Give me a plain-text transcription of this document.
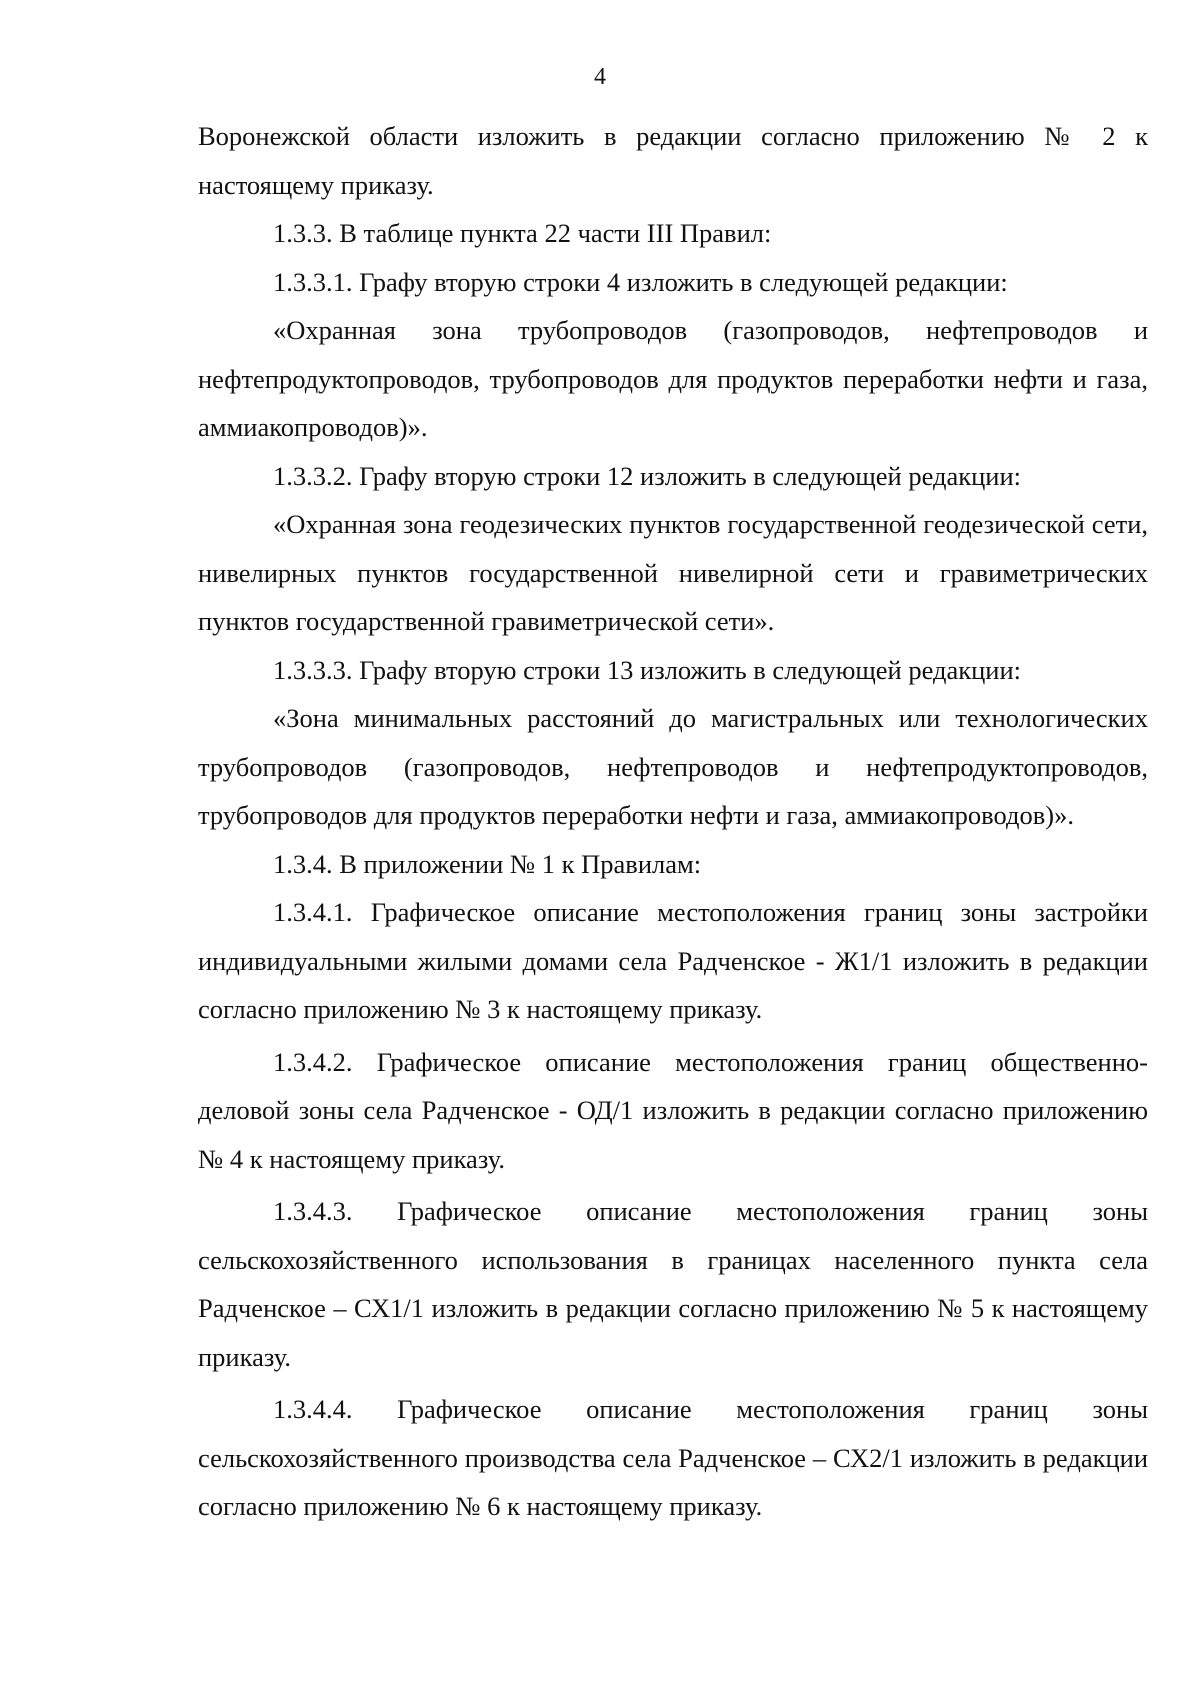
4

Воронежской области изложить в редакции согласно приложению № 2 к настоящему приказу.

1.3.3. В таблице пункта 22 части III Правил:

1.3.3.1. Графу вторую строки 4 изложить в следующей редакции:

«Охранная зона трубопроводов (газопроводов, нефтепроводов и нефтепродуктопроводов, трубопроводов для продуктов переработки нефти и газа, аммиакопроводов)».

1.3.3.2. Графу вторую строки 12 изложить в следующей редакции:

«Охранная зона геодезических пунктов государственной геодезической сети, нивелирных пунктов государственной нивелирной сети и гравиметрических пунктов государственной гравиметрической сети».

1.3.3.3. Графу вторую строки 13 изложить в следующей редакции:

«Зона минимальных расстояний до магистральных или технологических трубопроводов (газопроводов, нефтепроводов и нефтепродуктопроводов, трубопроводов для продуктов переработки нефти и газа, аммиакопроводов)».

1.3.4. В приложении № 1 к Правилам:

1.3.4.1. Графическое описание местоположения границ зоны застройки индивидуальными жилыми домами села Радченское - Ж1/1 изложить в редакции согласно приложению № 3 к настоящему приказу.

1.3.4.2. Графическое описание местоположения границ общественно-деловой зоны села Радченское - ОД/1 изложить в редакции согласно приложению № 4 к настоящему приказу.

1.3.4.3. Графическое описание местоположения границ зоны сельскохозяйственного использования в границах населенного пункта села Радченское – СХ1/1 изложить в редакции согласно приложению № 5 к настоящему приказу.

1.3.4.4. Графическое описание местоположения границ зоны сельскохозяйственного производства села Радченское – СХ2/1 изложить в редакции согласно приложению № 6 к настоящему приказу.
